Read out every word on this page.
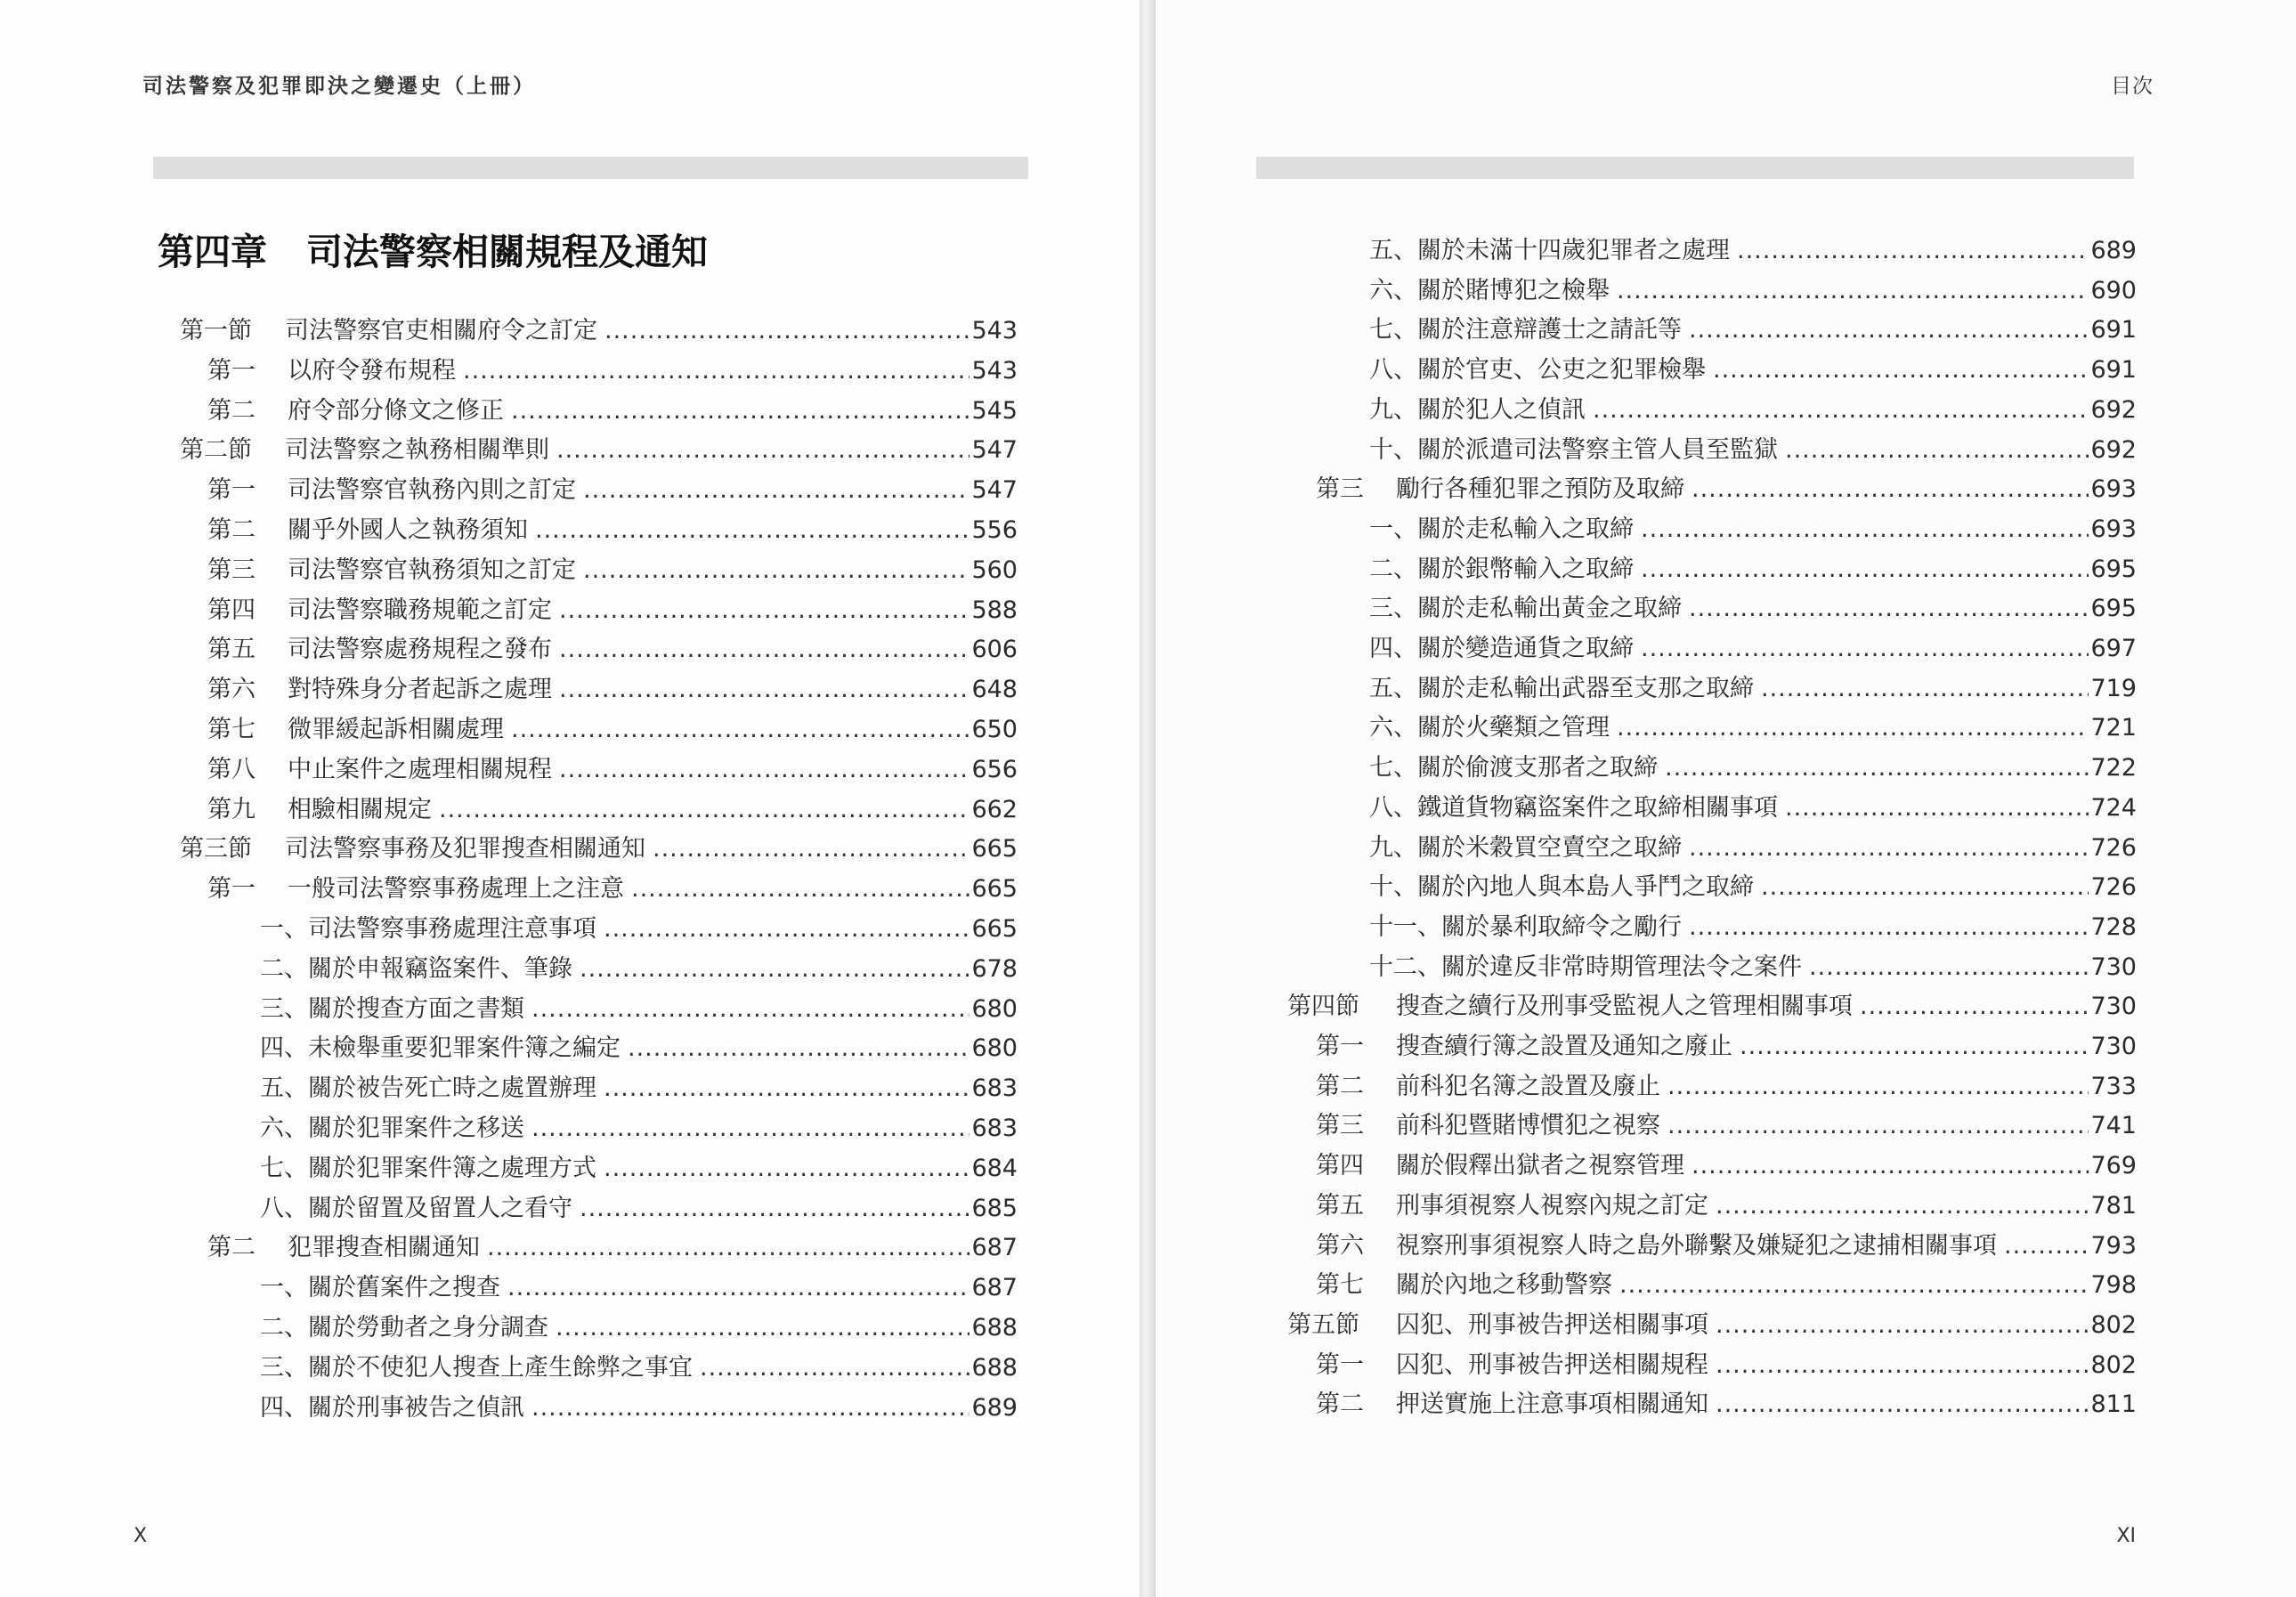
司法警察及犯罪即決之變遷史（上冊）
第四章 司法警察相關規程及通知
第一節	司法警察官吏相關府令之訂定 .....	543
第一	以府令發布規程 .....	543
第二	府令部分條文之修正 .....	545
第二節	司法警察之執務相關準則 .....	547
第一	司法警察官執務內則之訂定 .....	547
第二	關乎外國人之執務須知 .....	556
第三	司法警察官執務須知之訂定 .....	560
第四	司法警察職務規範之訂定 .....	588
第五	司法警察處務規程之發布 .....	606
第六	對特殊身分者起訴之處理 .....	648
第七	微罪緩起訴相關處理 .....	650
第八	中止案件之處理相關規程 .....	656
第九	相驗相關規定 .....	662
第三節	司法警察事務及犯罪搜查相關通知 .....	665
第一	一般司法警察事務處理上之注意 .....	665
一、司法警察事務處理注意事項 .....	665
二、關於申報竊盜案件、筆錄 .....	678
三、關於搜查方面之書類 .....	680
四、未檢舉重要犯罪案件簿之編定 .....	680
五、關於被告死亡時之處置辦理 .....	683
六、關於犯罪案件之移送 .....	683
七、關於犯罪案件簿之處理方式 .....	684
八、關於留置及留置人之看守 .....	685
第二	犯罪搜查相關通知 .....	687
一、關於舊案件之搜查 .....	687
二、關於勞動者之身分調查 .....	688
三、關於不使犯人搜查上產生餘弊之事宜 .....	688
四、關於刑事被告之偵訊 .....	689
X
目次
五、關於未滿十四歲犯罪者之處理 .....	689
六、關於賭博犯之檢舉 .....	690
七、關於注意辯護士之請託等 .....	691
八、關於官吏、公吏之犯罪檢舉 .....	691
九、關於犯人之偵訊 .....	692
十、關於派遣司法警察主管人員至監獄 .....	692
第三	勵行各種犯罪之預防及取締 .....	693
一、關於走私輸入之取締 .....	693
二、關於銀幣輸入之取締 .....	695
三、關於走私輸出黃金之取締 .....	695
四、關於變造通貨之取締 .....	697
五、關於走私輸出武器至支那之取締 .....	719
六、關於火藥類之管理 .....	721
七、關於偷渡支那者之取締 .....	722
八、鐵道貨物竊盜案件之取締相關事項 .....	724
九、關於米穀買空賣空之取締 .....	726
十、關於內地人與本島人爭鬥之取締 .....	726
十一、關於暴利取締令之勵行 .....	728
十二、關於違反非常時期管理法令之案件 .....	730
第四節	搜查之續行及刑事受監視人之管理相關事項 .....	730
第一	搜查續行簿之設置及通知之廢止 .....	730
第二	前科犯名簿之設置及廢止 .....	733
第三	前科犯暨賭博慣犯之視察 .....	741
第四	關於假釋出獄者之視察管理 .....	769
第五	刑事須視察人視察內規之訂定 .....	781
第六	視察刑事須視察人時之島外聯繫及嫌疑犯之逮捕相關事項 .....	793
第七	關於內地之移動警察 .....	798
第五節	囚犯、刑事被告押送相關事項 .....	802
第一	囚犯、刑事被告押送相關規程 .....	802
第二	押送實施上注意事項相關通知 .....	811
XI
